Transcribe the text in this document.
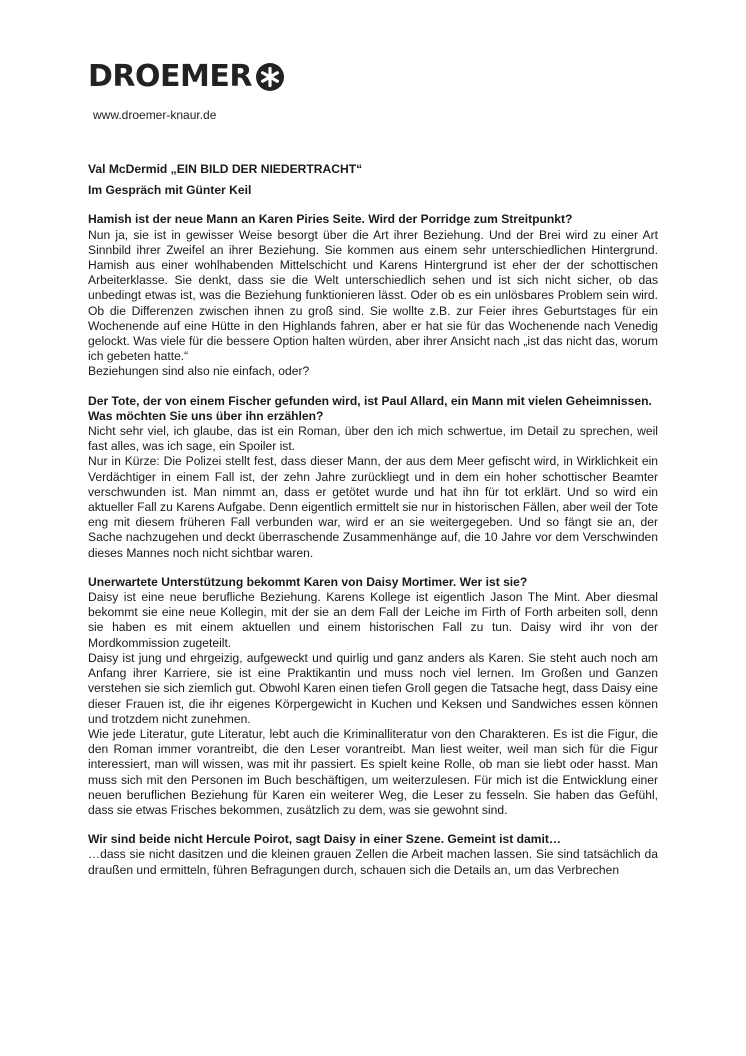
DROEMER
www.droemer-knaur.de

Val McDermid „EIN BILD DER NIEDERTRACHT“

Im Gespräch mit Günter Keil

Hamish ist der neue Mann an Karen Piries Seite. Wird der Porridge zum Streitpunkt?

Nun ja, sie ist in gewisser Weise besorgt über die Art ihrer Beziehung. Und der Brei wird zu einer Art Sinnbild ihrer Zweifel an ihrer Beziehung. Sie kommen aus einem sehr unterschiedlichen Hintergrund. Hamish aus einer wohlhabenden Mittelschicht und Karens Hintergrund ist eher der der schottischen Arbeiterklasse. Sie denkt, dass sie die Welt unterschiedlich sehen und ist sich nicht sicher, ob das unbedingt etwas ist, was die Beziehung funktionieren lässt. Oder ob es ein unlösbares Problem sein wird. Ob die Differenzen zwischen ihnen zu groß sind. Sie wollte z.B. zur Feier ihres Geburtstages für ein Wochenende auf eine Hütte in den Highlands fahren, aber er hat sie für das Wochenende nach Venedig gelockt. Was viele für die bessere Option halten würden, aber ihrer Ansicht nach „ist das nicht das, worum ich gebeten hatte.“

Beziehungen sind also nie einfach, oder?

Der Tote, der von einem Fischer gefunden wird, ist Paul Allard, ein Mann mit vielen Geheimnissen. Was möchten Sie uns über ihn erzählen?

Nicht sehr viel, ich glaube, das ist ein Roman, über den ich mich schwertue, im Detail zu sprechen, weil fast alles, was ich sage, ein Spoiler ist.

Nur in Kürze: Die Polizei stellt fest, dass dieser Mann, der aus dem Meer gefischt wird, in Wirklichkeit ein Verdächtiger in einem Fall ist, der zehn Jahre zurückliegt und in dem ein hoher schottischer Beamter verschwunden ist. Man nimmt an, dass er getötet wurde und hat ihn für tot erklärt. Und so wird ein aktueller Fall zu Karens Aufgabe. Denn eigentlich ermittelt sie nur in historischen Fällen, aber weil der Tote eng mit diesem früheren Fall verbunden war, wird er an sie weitergegeben. Und so fängt sie an, der Sache nachzugehen und deckt überraschende Zusammenhänge auf, die 10 Jahre vor dem Verschwinden dieses Mannes noch nicht sichtbar waren.

Unerwartete Unterstützung bekommt Karen von Daisy Mortimer. Wer ist sie?

Daisy ist eine neue berufliche Beziehung. Karens Kollege ist eigentlich Jason The Mint. Aber diesmal bekommt sie eine neue Kollegin, mit der sie an dem Fall der Leiche im Firth of Forth arbeiten soll, denn sie haben es mit einem aktuellen und einem historischen Fall zu tun. Daisy wird ihr von der Mordkommission zugeteilt.

Daisy ist jung und ehrgeizig, aufgeweckt und quirlig und ganz anders als Karen. Sie steht auch noch am Anfang ihrer Karriere, sie ist eine Praktikantin und muss noch viel lernen. Im Großen und Ganzen verstehen sie sich ziemlich gut. Obwohl Karen einen tiefen Groll gegen die Tatsache hegt, dass Daisy eine dieser Frauen ist, die ihr eigenes Körpergewicht in Kuchen und Keksen und Sandwiches essen können und trotzdem nicht zunehmen.

Wie jede Literatur, gute Literatur, lebt auch die Kriminalliteratur von den Charakteren. Es ist die Figur, die den Roman immer vorantreibt, die den Leser vorantreibt. Man liest weiter, weil man sich für die Figur interessiert, man will wissen, was mit ihr passiert. Es spielt keine Rolle, ob man sie liebt oder hasst. Man muss sich mit den Personen im Buch beschäftigen, um weiterzulesen. Für mich ist die Entwicklung einer neuen beruflichen Beziehung für Karen ein weiterer Weg, die Leser zu fesseln. Sie haben das Gefühl, dass sie etwas Frisches bekommen, zusätzlich zu dem, was sie gewohnt sind.

Wir sind beide nicht Hercule Poirot, sagt Daisy in einer Szene. Gemeint ist damit…

…dass sie nicht dasitzen und die kleinen grauen Zellen die Arbeit machen lassen. Sie sind tatsächlich da draußen und ermitteln, führen Befragungen durch, schauen sich die Details an, um das Verbrechen
